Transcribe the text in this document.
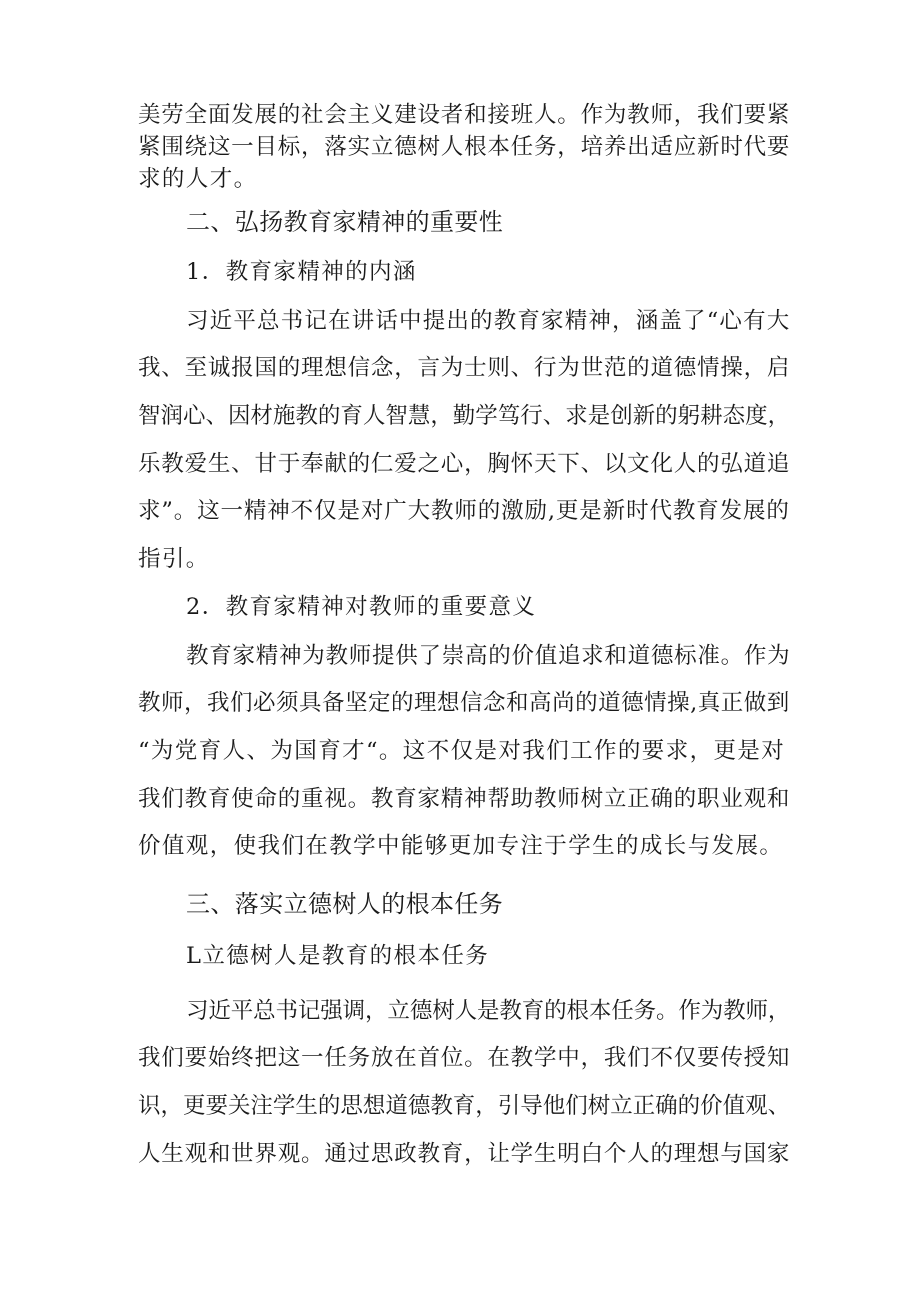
美劳全面发展的社会主义建设者和接班人。作为教师，我们要紧
紧围绕这一目标，落实立德树人根本任务，培养出适应新时代要
求的人才。
二、弘扬教育家精神的重要性
1．教育家精神的内涵
习近平总书记在讲话中提出的教育家精神，涵盖了“心有大
我、至诚报国的理想信念，言为士则、行为世范的道德情操，启
智润心、因材施教的育人智慧，勤学笃行、求是创新的躬耕态度，
乐教爱生、甘于奉献的仁爱之心，胸怀天下、以文化人的弘道追
求”。这一精神不仅是对广大教师的激励,更是新时代教育发展的
指引。
2．教育家精神对教师的重要意义
教育家精神为教师提供了崇高的价值追求和道德标准。作为
教师，我们必须具备坚定的理想信念和高尚的道德情操,真正做到
“为党育人、为国育才“。这不仅是对我们工作的要求，更是对
我们教育使命的重视。教育家精神帮助教师树立正确的职业观和
价值观，使我们在教学中能够更加专注于学生的成长与发展。
三、落实立德树人的根本任务
L立德树人是教育的根本任务
习近平总书记强调，立德树人是教育的根本任务。作为教师，
我们要始终把这一任务放在首位。在教学中，我们不仅要传授知
识，更要关注学生的思想道德教育，引导他们树立正确的价值观、
人生观和世界观。通过思政教育，让学生明白个人的理想与国家
